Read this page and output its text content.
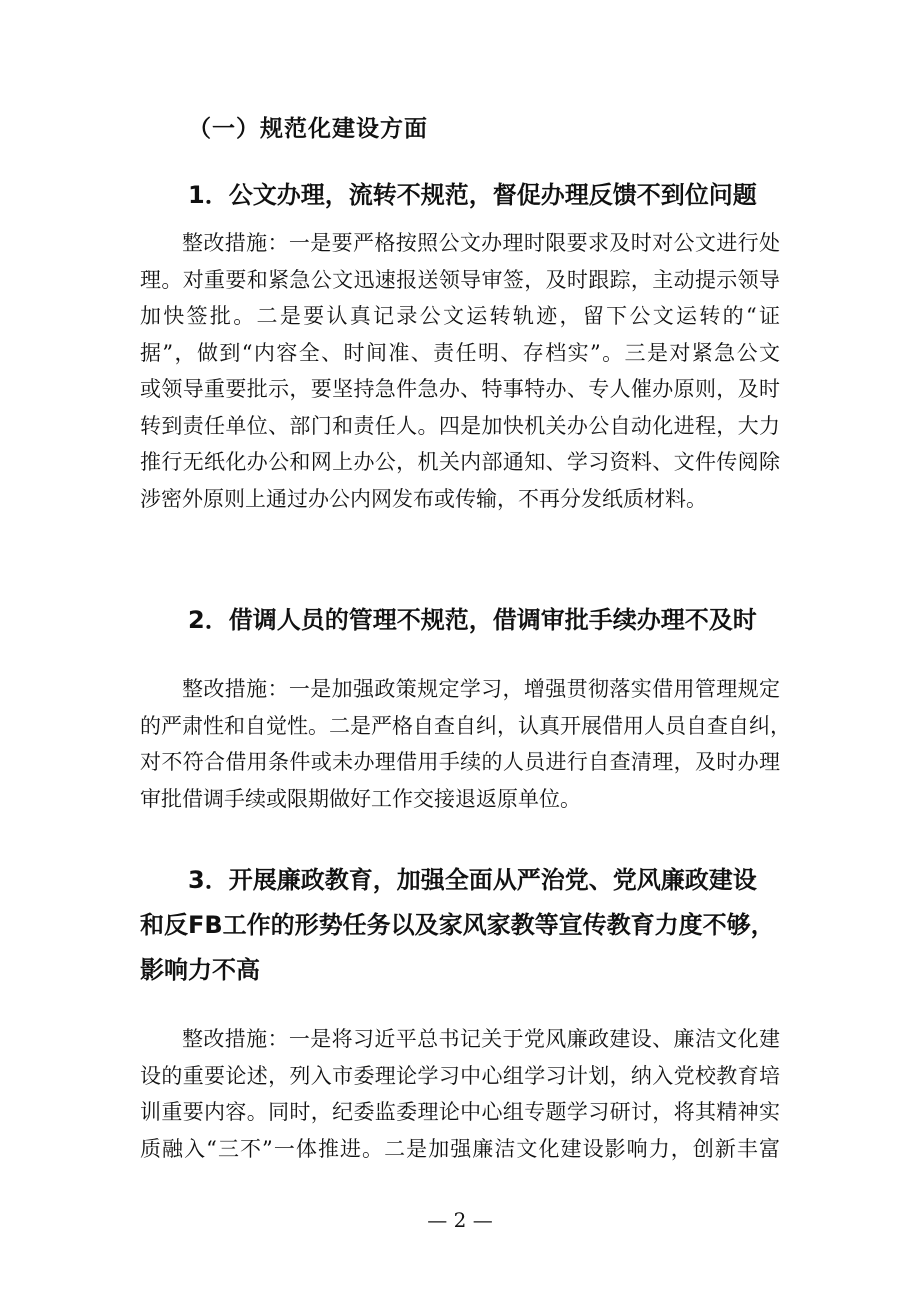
（一）规范化建设方面
1．公文办理，流转不规范，督促办理反馈不到位问题
整改措施：一是要严格按照公文办理时限要求及时对公文进行处
理。对重要和紧急公文迅速报送领导审签，及时跟踪，主动提示领导
加快签批。二是要认真记录公文运转轨迹，留下公文运转的“证
据”，做到“内容全、时间准、责任明、存档实”。三是对紧急公文
或领导重要批示，要坚持急件急办、特事特办、专人催办原则，及时
转到责任单位、部门和责任人。四是加快机关办公自动化进程，大力
推行无纸化办公和网上办公，机关内部通知、学习资料、文件传阅除
涉密外原则上通过办公内网发布或传输，不再分发纸质材料。
2．借调人员的管理不规范，借调审批手续办理不及时
整改措施：一是加强政策规定学习，增强贯彻落实借用管理规定
的严肃性和自觉性。二是严格自查自纠，认真开展借用人员自查自纠，
对不符合借用条件或未办理借用手续的人员进行自查清理，及时办理
审批借调手续或限期做好工作交接退返原单位。
3．开展廉政教育，加强全面从严治党、党风廉政建设
和反FB工作的形势任务以及家风家教等宣传教育力度不够，
影响力不高
整改措施：一是将习近平总书记关于党风廉政建设、廉洁文化建
设的重要论述，列入市委理论学习中心组学习计划，纳入党校教育培
训重要内容。同时，纪委监委理论中心组专题学习研讨，将其精神实
质融入“三不”一体推进。二是加强廉洁文化建设影响力，创新丰富

— 2 —
